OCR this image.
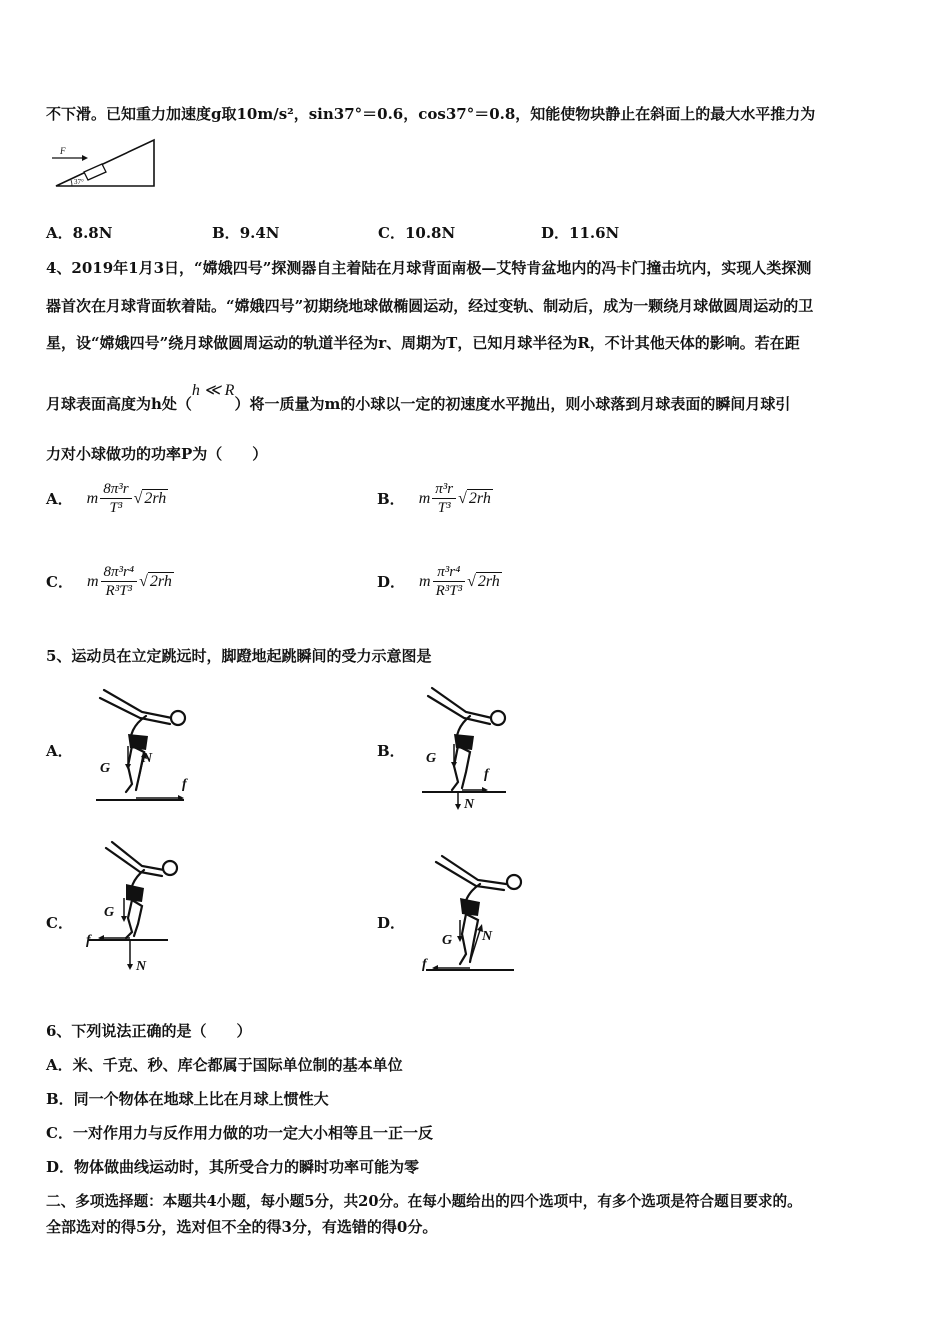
不下滑。已知重力加速度g取10m/s²，sin37°＝0.6，cos37°＝0.8，知能使物块静止在斜面上的最大水平推力为
F
37°
A．8.8N	B．9.4N	C．10.8N	D．11.6N
4、2019年1月3日，“嫦娥四号”探测器自主着陆在月球背面南极—艾特肯盆地内的冯卡门撞击坑内，实现人类探测
器首次在月球背面软着陆。“嫦娥四号”初期绕地球做椭圆运动，经过变轨、制动后，成为一颗绕月球做圆周运动的卫
星，设“嫦娥四号”绕月球做圆周运动的轨道半径为r、周期为T，已知月球半径为R，不计其他天体的影响。若在距
月球表面高度为h处（h ≪ R）将一质量为m的小球以一定的初速度水平抛出，则小球落到月球表面的瞬间月球引
力对小球做功的功率P为（　　）
A． m $\frac{\text{8π³r}}{\text{T³}}$ √ 2rh	B． m $\frac{\text{π³r}}{\text{T³}}$ √ 2rh
C． m $\frac{\text{8π³r⁴}}{\text{R³T³}}$ √ 2rh	D． m $\frac{\text{π³r⁴}}{\text{R³T³}}$ √ 2rh
5、运动员在立定跳远时，脚蹬地起跳瞬间的受力示意图是
A．
G
N
f
B． G
N
f
C．
G
N
f
D．
G N
f
6、下列说法正确的是（　　）
A．米、千克、秒、库仑都属于国际单位制的基本单位
B．同一个物体在地球上比在月球上惯性大
C．一对作用力与反作用力做的功一定大小相等且一正一反
D．物体做曲线运动时，其所受合力的瞬时功率可能为零
二、多项选择题：本题共4小题，每小题5分，共20分。在每小题给出的四个选项中，有多个选项是符合题目要求的。
全部选对的得5分，选对但不全的得3分，有选错的得0分。
